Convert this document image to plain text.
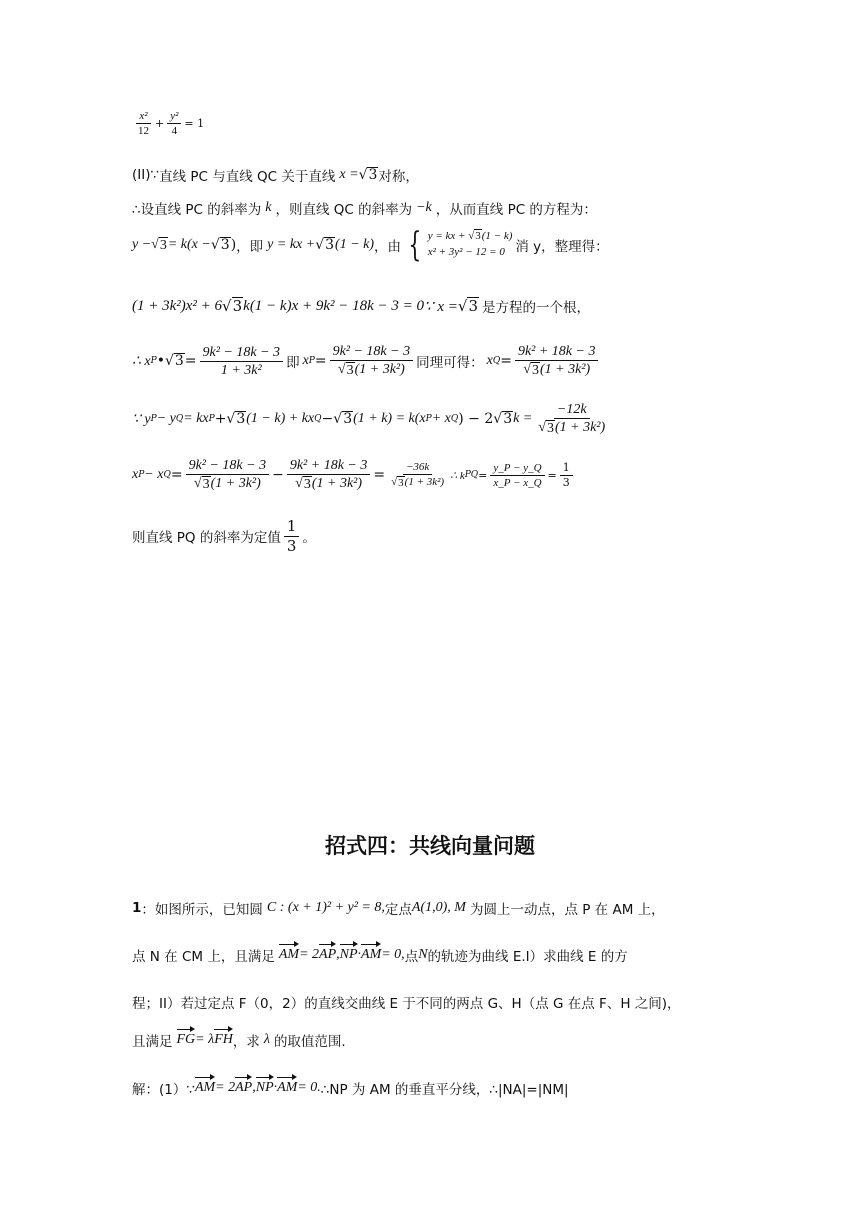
$\frac{\text{x²}}{12} + \frac{\text{y²}}{4} = 1$
(II)∵ 直线 PC 与直线 QC 关于直线 x = √ 3 对称，
∴设直线 PC 的斜率为 k ，则直线 QC 的斜率为 −k ，从而直线 PC 的方程为：
y − √ 3 = k(x − √ 3 ) ，即 y = kx + √ 3 (1 − k) ，由 { y = kx + √ 3 (1 − k)
x² + 3y² − 12 = 0 消 y，整理得：
(1 + 3k²)x² + 6 √ 3 k(1 − k)x + 9k² − 18k − 3 = 0 ∵ x = √ 3 是方程的一个根，
∴ x P • √ $3 = \frac{\text{9k² − 18k − 3}}{\text{1 + 3k²}}$ 即 x $P = \frac{\text{9k² − 18k − 3}}{\text{√ 3 (1 + 3k²)}}$ 同理可得： x $Q = \frac{\text{9k² + 18k − 3}}{\text{√ 3 (1 + 3k²)}}$
∵ y P − y Q = kx P + √ 3 (1 − k) + kx Q − √ 3 (1 + k) = k(x P + x Q ) − 2 √ 3 $k = \frac{-12k}{\text{√ 3 (1 + 3k²)}}$
x P − x $Q = \frac{\text{9k² − 18k − 3}}{\text{√ 3 (1 + 3k²)}} - \frac{\text{9k² + 18k − 3}}{\text{√ 3 (1 + 3k²)}} = \frac{-36k}{\text{√ 3 (1 + 3k²)}}$ ∴ k PQ = $\frac{y\_P - y\_Q}{x\_P - x\_Q} = \frac{1}{3}$
则直线 PQ 的斜率为定值 $\frac{1}{3}$ 。
招式四：共线向量问题
1 ：如图所示，已知圆 C : (x + 1)² + y² = 8, 定点 A(1,0), M 为圆上一动点，点 P 在 AM 上，
点 N 在 CM 上，且满足 AM = 2 AP , NP · AM = 0, 点 N 的轨迹为曲线 E.I）求曲线 E 的方
程；II）若过定点 F（0，2）的直线交曲线 E 于不同的两点 G、H（点 G 在点 F、H 之间)，
且满足 FG = λ FH ，求 λ 的取值范围.
解：(1）∵ AM = 2 AP , NP · AM = 0. ∴NP 为 AM 的垂直平分线，∴|NA|=|NM|
